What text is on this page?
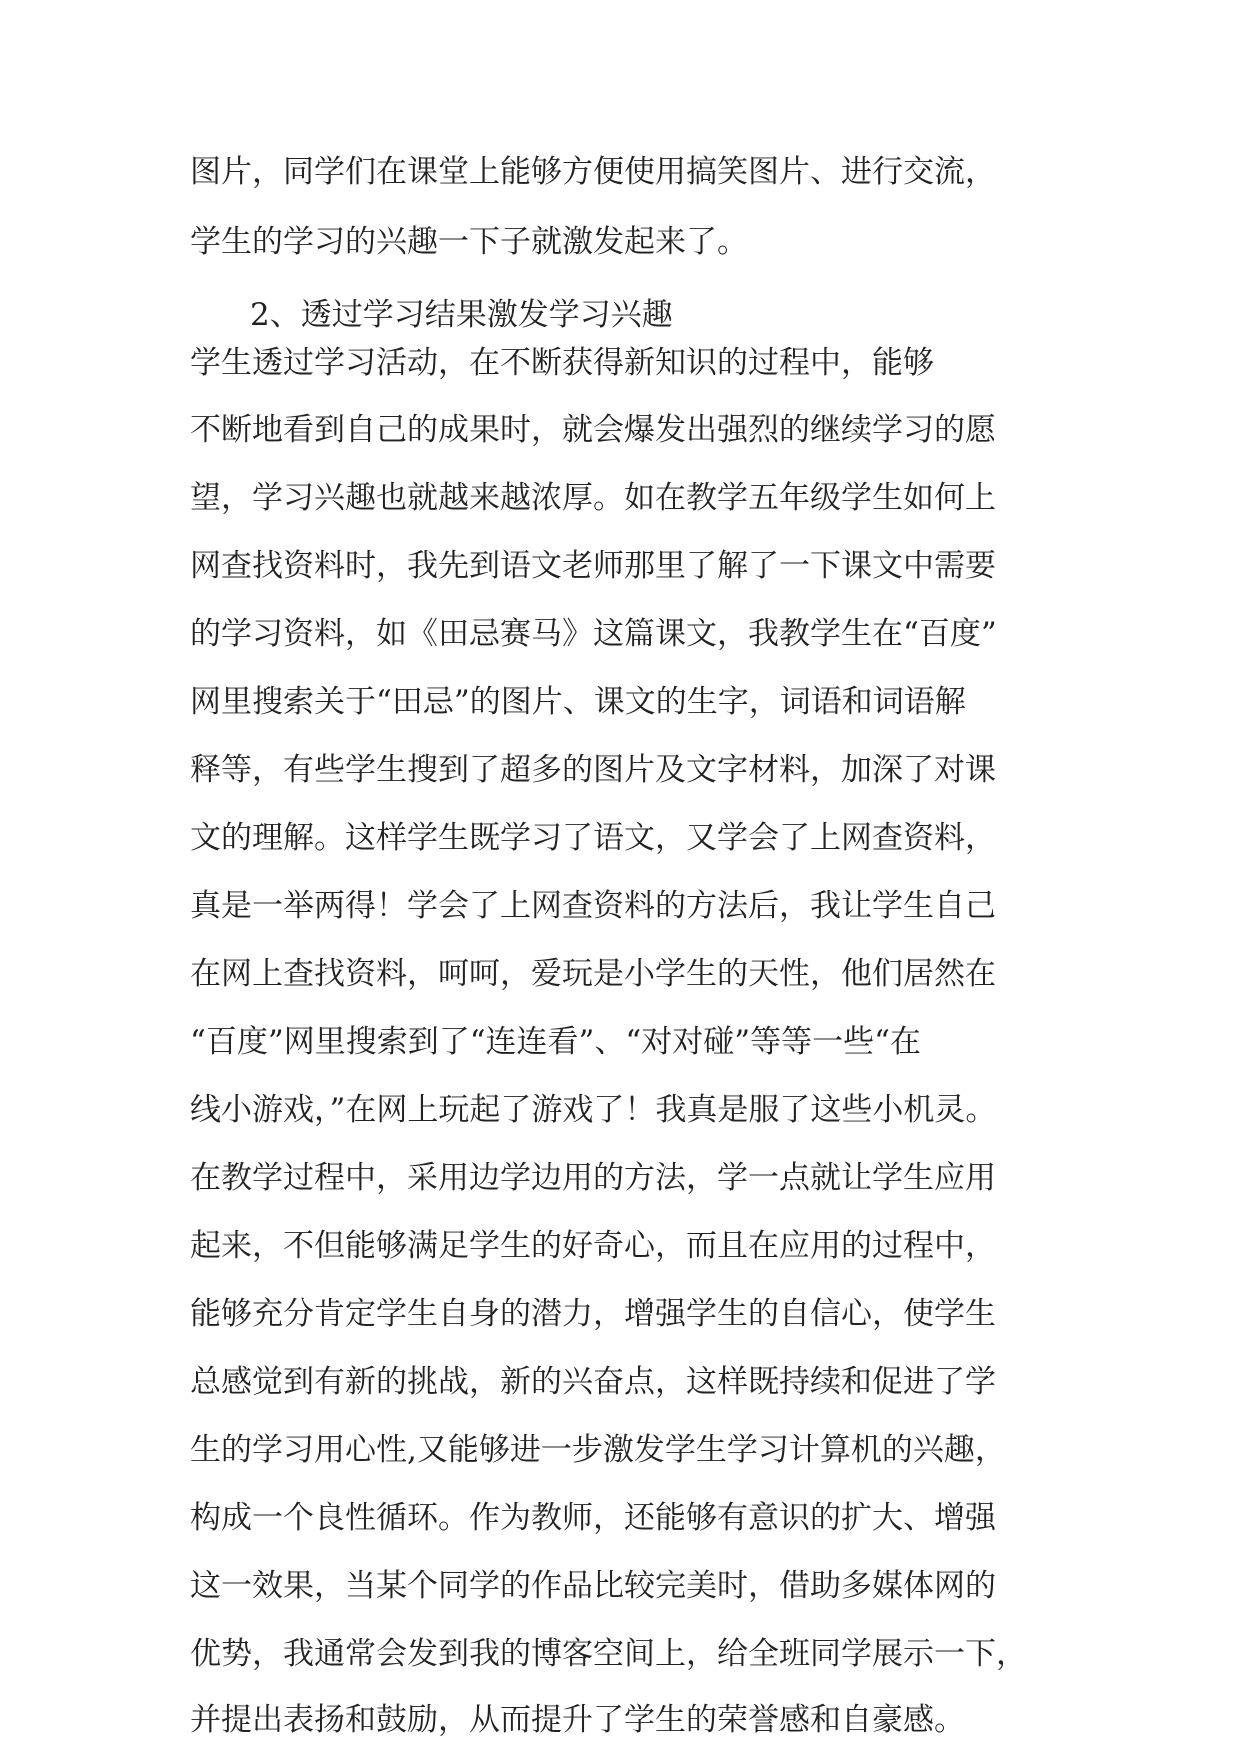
图片，同学们在课堂上能够方便使用搞笑图片、进行交流，
学生的学习的兴趣一下子就激发起来了。
2、透过学习结果激发学习兴趣
学生透过学习活动，在不断获得新知识的过程中，能够
不断地看到自己的成果时，就会爆发出强烈的继续学习的愿
望，学习兴趣也就越来越浓厚。如在教学五年级学生如何上
网查找资料时，我先到语文老师那里了解了一下课文中需要
的学习资料，如《田忌赛马》这篇课文，我教学生在“百度”
网里搜索关于“田忌”的图片、课文的生字，词语和词语解
释等，有些学生搜到了超多的图片及文字材料，加深了对课
文的理解。这样学生既学习了语文，又学会了上网查资料，
真是一举两得！学会了上网查资料的方法后，我让学生自己
在网上查找资料，呵呵，爱玩是小学生的天性，他们居然在
“百度”网里搜索到了“连连看”、“对对碰”等等一些“在
线小游戏，”在网上玩起了游戏了！我真是服了这些小机灵。
在教学过程中，采用边学边用的方法，学一点就让学生应用
起来，不但能够满足学生的好奇心，而且在应用的过程中，
能够充分肯定学生自身的潜力，增强学生的自信心，使学生
总感觉到有新的挑战，新的兴奋点，这样既持续和促进了学
生的学习用心性,又能够进一步激发学生学习计算机的兴趣，
构成一个良性循环。作为教师，还能够有意识的扩大、增强
这一效果，当某个同学的作品比较完美时，借助多媒体网的
优势，我通常会发到我的博客空间上，给全班同学展示一下，
并提出表扬和鼓励，从而提升了学生的荣誉感和自豪感。
